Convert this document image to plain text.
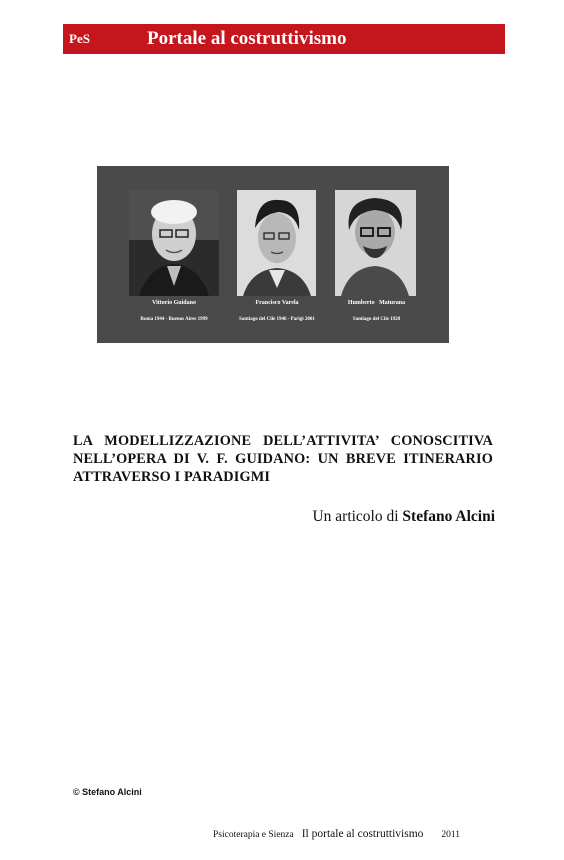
PeS	Portale al costruttivismo
Vittorio Guidano
Roma 1944 - Buenos Aires 1999
Francisco Varela
Santiago del Cile 1946 - Parigi 2001
Humberto   Maturana
Santiago del Cile 1928
LA MODELLIZZAZIONE DELL’ATTIVITA’ CONOSCITIVA
NELL’OPERA DI V. F. GUIDANO: UN BREVE ITINERARIO
ATTRAVERSO I PARADIGMI
Un articolo di Stefano Alcini
© Stefano Alcini
Psicoterapia e Sienza Il portale al costruttivismo 2011
